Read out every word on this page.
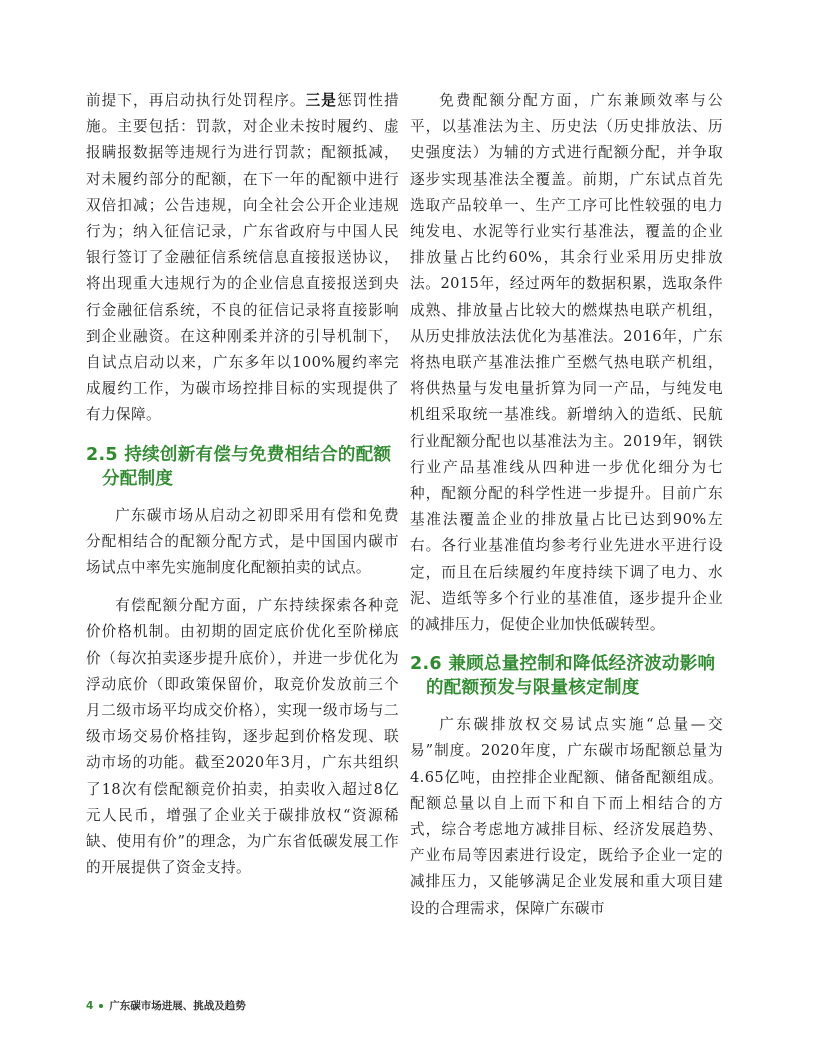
前提下，再启动执行处罚程序。三是惩罚性措施。主要包括：罚款，对企业未按时履约、虚报瞒报数据等违规行为进行罚款；配额抵减，对未履约部分的配额，在下一年的配额中进行双倍扣减；公告违规，向全社会公开企业违规行为；纳入征信记录，广东省政府与中国人民银行签订了金融征信系统信息直接报送协议，将出现重大违规行为的企业信息直接报送到央行金融征信系统，不良的征信记录将直接影响到企业融资。在这种刚柔并济的引导机制下，自试点启动以来，广东多年以100%履约率完成履约工作，为碳市场控排目标的实现提供了有力保障。

2.5 持续创新有偿与免费相结合的配额分配制度

广东碳市场从启动之初即采用有偿和免费分配相结合的配额分配方式，是中国国内碳市场试点中率先实施制度化配额拍卖的试点。

有偿配额分配方面，广东持续探索各种竞价价格机制。由初期的固定底价优化至阶梯底价（每次拍卖逐步提升底价），并进一步优化为浮动底价（即政策保留价，取竞价发放前三个月二级市场平均成交价格），实现一级市场与二级市场交易价格挂钩，逐步起到价格发现、联动市场的功能。截至2020年3月，广东共组织了18次有偿配额竞价拍卖，拍卖收入超过8亿元人民币，增强了企业关于碳排放权“资源稀缺、使用有价”的理念，为广东省低碳发展工作的开展提供了资金支持。

免费配额分配方面，广东兼顾效率与公平，以基准法为主、历史法（历史排放法、历史强度法）为辅的方式进行配额分配，并争取逐步实现基准法全覆盖。前期，广东试点首先选取产品较单一、生产工序可比性较强的电力纯发电、水泥等行业实行基准法，覆盖的企业排放量占比约60%，其余行业采用历史排放法。2015年，经过两年的数据积累，选取条件成熟、排放量占比较大的燃煤热电联产机组，从历史排放法法优化为基准法。2016年，广东将热电联产基准法推广至燃气热电联产机组，将供热量与发电量折算为同一产品，与纯发电机组采取统一基准线。新增纳入的造纸、民航行业配额分配也以基准法为主。2019年，钢铁行业产品基准线从四种进一步优化细分为七种，配额分配的科学性进一步提升。目前广东基准法覆盖企业的排放量占比已达到90%左右。各行业基准值均参考行业先进水平进行设定，而且在后续履约年度持续下调了电力、水泥、造纸等多个行业的基准值，逐步提升企业的减排压力，促使企业加快低碳转型。

2.6 兼顾总量控制和降低经济波动影响的配额预发与限量核定制度

广东碳排放权交易试点实施“总量—交易”制度。2020年度，广东碳市场配额总量为4.65亿吨，由控排企业配额、储备配额组成。配额总量以自上而下和自下而上相结合的方式，综合考虑地方减排目标、经济发展趋势、产业布局等因素进行设定，既给予企业一定的减排压力，又能够满足企业发展和重大项目建设的合理需求，保障广东碳市

4 广东碳市场进展、挑战及趋势
